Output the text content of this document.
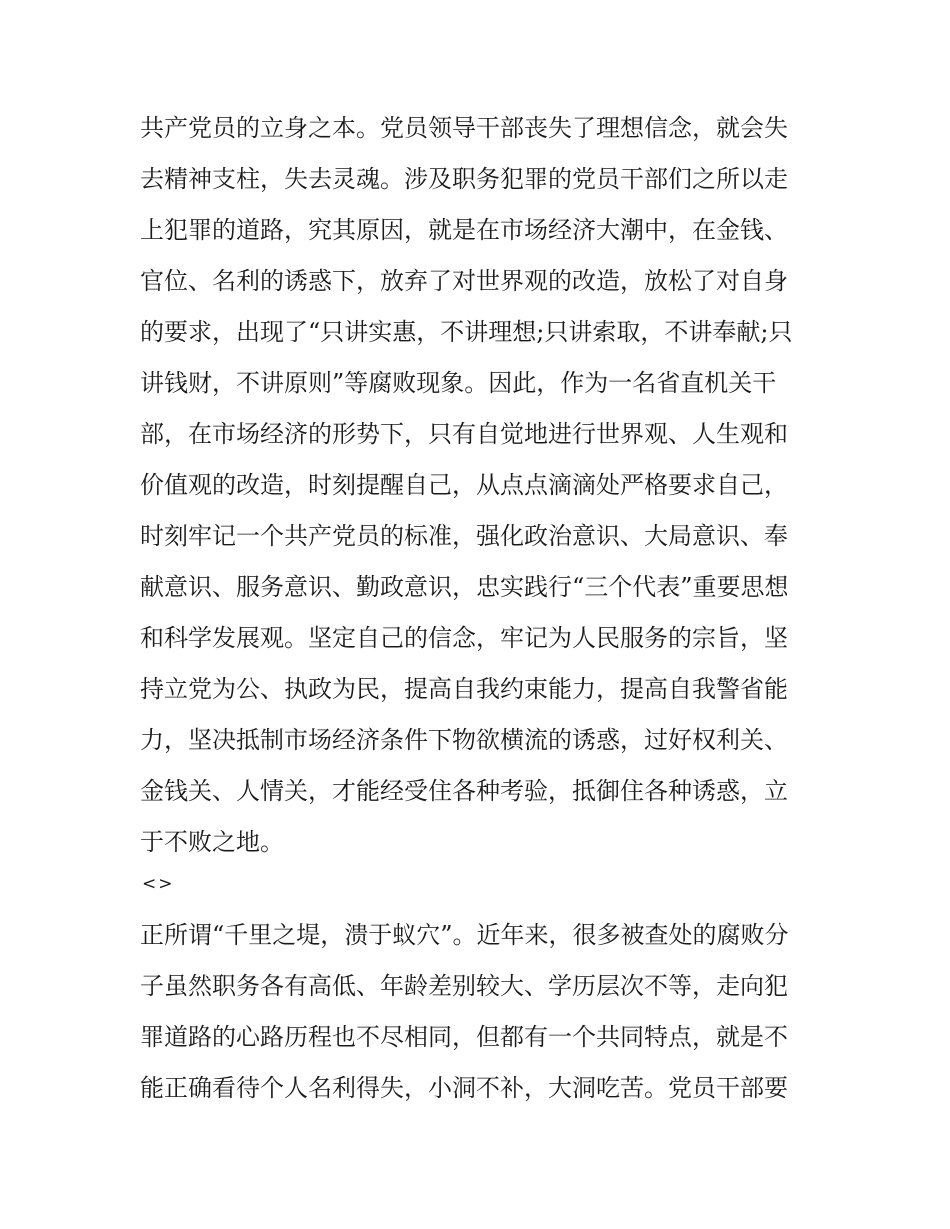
共产党员的立身之本。党员领导干部丧失了理想信念，就会失
去精神支柱，失去灵魂。涉及职务犯罪的党员干部们之所以走
上犯罪的道路，究其原因，就是在市场经济大潮中，在金钱、
官位、名利的诱惑下，放弃了对世界观的改造，放松了对自身
的要求，出现了“只讲实惠，不讲理想;只讲索取，不讲奉献;只
讲钱财，不讲原则”等腐败现象。因此，作为一名省直机关干
部，在市场经济的形势下，只有自觉地进行世界观、人生观和
价值观的改造，时刻提醒自己，从点点滴滴处严格要求自己，
时刻牢记一个共产党员的标准，强化政治意识、大局意识、奉
献意识、服务意识、勤政意识，忠实践行“三个代表”重要思想
和科学发展观。坚定自己的信念，牢记为人民服务的宗旨，坚
持立党为公、执政为民，提高自我约束能力，提高自我警省能
力，坚决抵制市场经济条件下物欲横流的诱惑，过好权利关、
金钱关、人情关，才能经受住各种考验，抵御住各种诱惑，立
于不败之地。
<>
正所谓“千里之堤，溃于蚁穴”。近年来，很多被查处的腐败分
子虽然职务各有高低、年龄差别较大、学历层次不等，走向犯
罪道路的心路历程也不尽相同，但都有一个共同特点，就是不
能正确看待个人名利得失，小洞不补，大洞吃苦。党员干部要
